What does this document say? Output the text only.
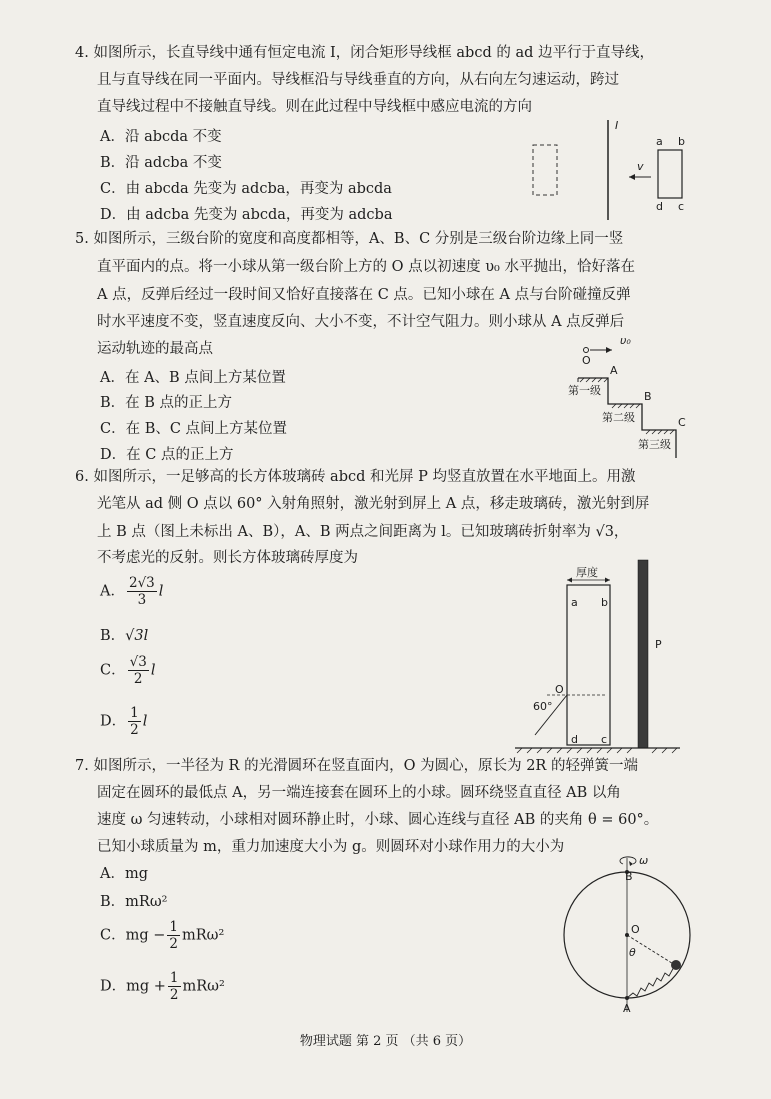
4. 如图所示，长直导线中通有恒定电流 I，闭合矩形导线框 abcd 的 ad 边平行于直导线，
且与直导线在同一平面内。导线框沿与导线垂直的方向，从右向左匀速运动，跨过
直导线过程中不接触直导线。则在此过程中导线框中感应电流的方向
A．沿 abcda 不变
B．沿 adcba 不变
C．由 abcda 先变为 adcba，再变为 abcda
D．由 adcba 先变为 abcda，再变为 adcba
I
a b
c
d
v
5. 如图所示，三级台阶的宽度和高度都相等，A、B、C 分别是三级台阶边缘上同一竖
直平面内的点。将一小球从第一级台阶上方的 O 点以初速度 υ₀ 水平抛出，恰好落在
A 点，反弹后经过一段时间又恰好直接落在 C 点。已知小球在 A 点与台阶碰撞反弹
时水平速度不变，竖直速度反向、大小不变，不计空气阻力。则小球从 A 点反弹后
运动轨迹的最高点
A．在 A、B 点间上方某位置
B．在 B 点的正上方
C．在 B、C 点间上方某位置
D．在 C 点的正上方
O
υ₀
A
B
C
第一级
第二级
第三级
6. 如图所示，一足够高的长方体玻璃砖 abcd 和光屏 P 均竖直放置在水平地面上。用激
光笔从 ad 侧 O 点以 60° 入射角照射，激光射到屏上 A 点，移走玻璃砖，激光射到屏
上 B 点（图上未标出 A、B），A、B 两点之间距离为 l。已知玻璃砖折射率为 √3，
不考虑光的反射。则长方体玻璃砖厚度为
A． $\frac{2√3}{3}$ l
B．√3l
C． $\frac{√3}{2}$ l
D． $\frac{1}{2}$ l
厚度
a b
c
d
P
O
60°
7. 如图所示，一半径为 R 的光滑圆环在竖直面内，O 为圆心，原长为 2R 的轻弹簧一端
固定在圆环的最低点 A，另一端连接套在圆环上的小球。圆环绕竖直直径 AB 以角
速度 ω 匀速转动，小球相对圆环静止时，小球、圆心连线与直径 AB 的夹角 θ = 60°。
已知小球质量为 m，重力加速度大小为 g。则圆环对小球作用力的大小为
A．mg
B．mRω²
C．mg − $\frac{1}{2} mR\omega^2$
D．mg + $\frac{1}{2} mR\omega^2$
ω
B
O
A
θ
物理试题 第 2 页 （共 6 页）
